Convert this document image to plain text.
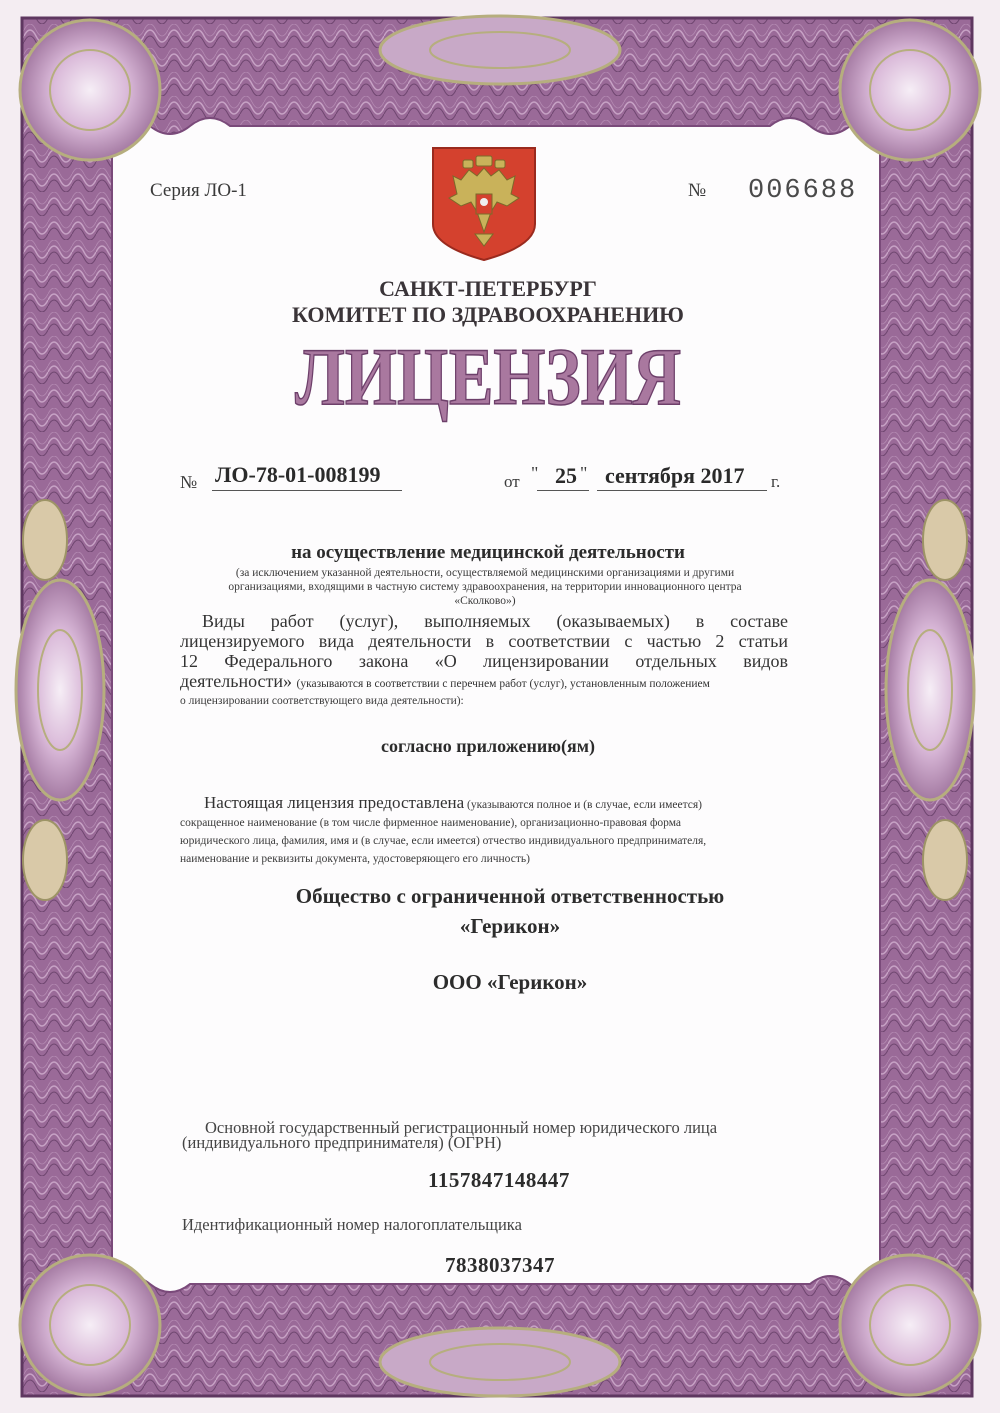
Серия ЛО-1	№ 006688
САНКТ-ПЕТЕРБУРГ
КОМИТЕТ ПО ЗДРАВООХРАНЕНИЮ
ЛИЦЕНЗИЯ
№ ЛО-78-01-008199	от " 25 " сентября 2017 г.
на осуществление медицинской деятельности
(за исключением указанной деятельности, осуществляемой медицинскими организациями и другими
организациями, входящими в частную систему здравоохранения, на территории инновационного центра
«Сколково»)
Виды работ (услуг), выполняемых (оказываемых) в составе
лицензируемого вида деятельности в соответствии с частью 2 статьи
12 Федерального закона «О лицензировании отдельных видов
деятельности» (указываются в соответствии с перечнем работ (услуг), установленным положением
о лицензировании соответствующего вида деятельности):
согласно приложению(ям)
Настоящая лицензия предоставлена (указываются полное и (в случае, если имеется)
сокращенное наименование (в том числе фирменное наименование), организационно-правовая форма
юридического лица, фамилия, имя и (в случае, если имеется) отчество индивидуального предпринимателя,
наименование и реквизиты документа, удостоверяющего его личность)
Общество с ограниченной ответственностью
«Герикон»
ООО «Герикон»
Основной государственный регистрационный номер юридического лица
(индивидуального предпринимателя) (ОГРН)
1157847148447
Идентификационный номер налогоплательщика
7838037347
